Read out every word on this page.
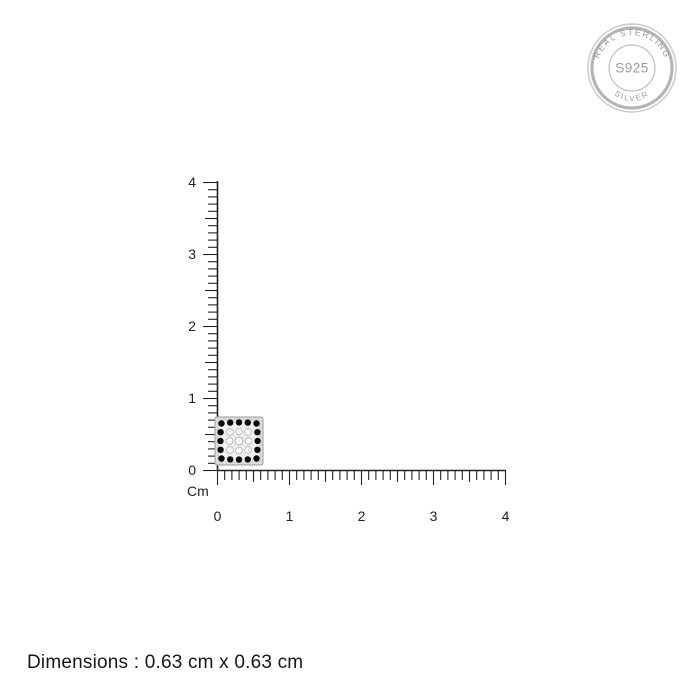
REAL STERLING
SILVER
S925
0
1
2
3
4
Cm
0	1	2	3	4
Dimensions : 0.63 cm x 0.63 cm
